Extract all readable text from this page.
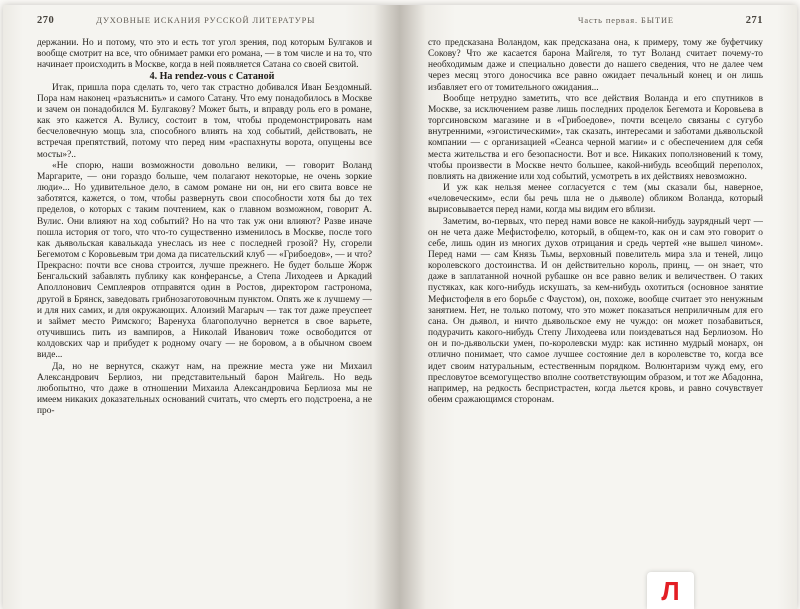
270	ДУХОВНЫЕ ИСКАНИЯ РУССКОЙ ЛИТЕРАТУРЫ

держании. Но и потому, что это и есть тот угол зрения, под которым Булгаков и вообще смотрит на все, что обнимает рамки его романа, — в том числе и на то, что начинает происходить в Москве, когда в ней появляется Сатана со своей свитой.

4. На rendez-vous с Сатаной

Итак, пришла пора сделать то, чего так страстно добивался Иван Бездомный. Пора нам наконец «разъяснить» и самого Сатану. Что ему понадобилось в Москве и зачем он понадобился М. Булгакову? Может быть, и вправду роль его в романе, как это кажется А. Вулису, состоит в том, чтобы продемонстрировать нам бесчеловечную мощь зла, способного влиять на ход событий, действовать, не встречая препятствий, потому что перед ним «распахнуты ворота, опущены все мосты»?..

«Не спорю, наши возможности довольно велики, — говорит Воланд Маргарите, — они гораздо больше, чем полагают некоторые, не очень зоркие люди»... Но удивительное дело, в самом романе ни он, ни его свита вовсе не заботятся, кажется, о том, чтобы развернуть свои способности хотя бы до тех пределов, о которых с таким почтением, как о главном возможном, говорит А. Вулис. Они влияют на ход событий? Но на что так уж они влияют? Разве иначе пошла история от того, что что-то существенно изменилось в Москве, после того как дьявольская кавалькада унеслась из нее с последней грозой? Ну, сгорели Бегемотом с Коровьевым три дома да писательский клуб — «Грибоедов», — и что? Прекрасно: почти все снова строится, лучше прежнего. Не будет больше Жорж Бенгальский забавлять публику как конферансье, а Степа Лиходеев и Аркадий Аполлонович Семплеяров отправятся один в Ростов, директором гастронома, другой в Брянск, заведовать грибнозаготовочным пунктом. Опять же к лучшему — и для них самих, и для окружающих. Алоизий Магарыч — так тот даже преуспеет и займет место Римского; Варенуха благополучно вернется в свое варьете, отучившись пить из вампиров, а Николай Иванович тоже освободится от колдовских чар и прибудет к родному очагу — не боровом, а в обычном своем виде...

Да, но не вернутся, скажут нам, на прежние места уже ни Михаил Александрович Берлиоз, ни представительный барон Майгель. Но ведь любопытно, что даже в отношении Михаила Александровича Берлиоза мы не имеем никаких доказательных оснований считать, что смерть его подстроена, а не про-

Часть первая. БЫТИЕ	271

сто предсказана Воландом, как предсказана она, к примеру, тому же буфетчику Сокову? Что же касается барона Майгеля, то тут Воланд считает почему-то необходимым даже и специально довести до нашего сведения, что не далее чем через месяц этого доносчика все равно ожидает печальный конец и он лишь избавляет его от томительного ожидания...

Вообще нетрудно заметить, что все действия Воланда и его спутников в Москве, за исключением разве лишь последних проделок Бегемота и Коровьева в торгсиновском магазине и в «Грибоедове», почти всецело связаны с сугубо внутренними, «эгоистическими», так сказать, интересами и заботами дьявольской компании — с организацией «Сеанса черной магии» и с обеспечением для себя места жительства и его безопасности. Вот и все. Никаких поползновений к тому, чтобы произвести в Москве нечто большее, какой-нибудь всеобщий переполох, повлиять на движение или ход событий, усмотреть в их действиях невозможно.

И уж как нельзя менее согласуется с тем (мы сказали бы, наверное, «человеческим», если бы речь шла не о дьяволе) обликом Воланда, который вырисовывается перед нами, когда мы видим его вблизи.

Заметим, во-первых, что перед нами вовсе не какой-нибудь заурядный черт — он не чета даже Мефистофелю, который, в общем-то, как он и сам это говорит о себе, лишь один из многих духов отрицания и средь чертей «не вышел чином». Перед нами — сам Князь Тьмы, верховный повелитель мира зла и теней, лицо королевского достоинства. И он действительно король, принц, — он знает, что даже в заплатанной ночной рубашке он все равно велик и величествен. О таких пустяках, как кого-нибудь искушать, за кем-нибудь охотиться (основное занятие Мефистофеля в его борьбе с Фаустом), он, похоже, вообще считает это ненужным занятием. Нет, не только потому, что это может показаться неприличным для его сана. Он дьявол, и ничто дьявольское ему не чуждо: он может позабавиться, подурачить какого-нибудь Степу Лиходеева или поиздеваться над Берлиозом. Но он и по-дьявольски умен, по-королевски мудр: как истинно мудрый монарх, он отлично понимает, что самое лучшее состояние дел в королевстве то, когда все идет своим натуральным, естественным порядком. Волюнтаризм чужд ему, его пресловутое всемогущество вполне соответствующим образом, и тот же Абадонна, например, на редкость беспристрастен, когда льется кровь, и равно сочувствует обеим сражающимся сторонам.

Л
